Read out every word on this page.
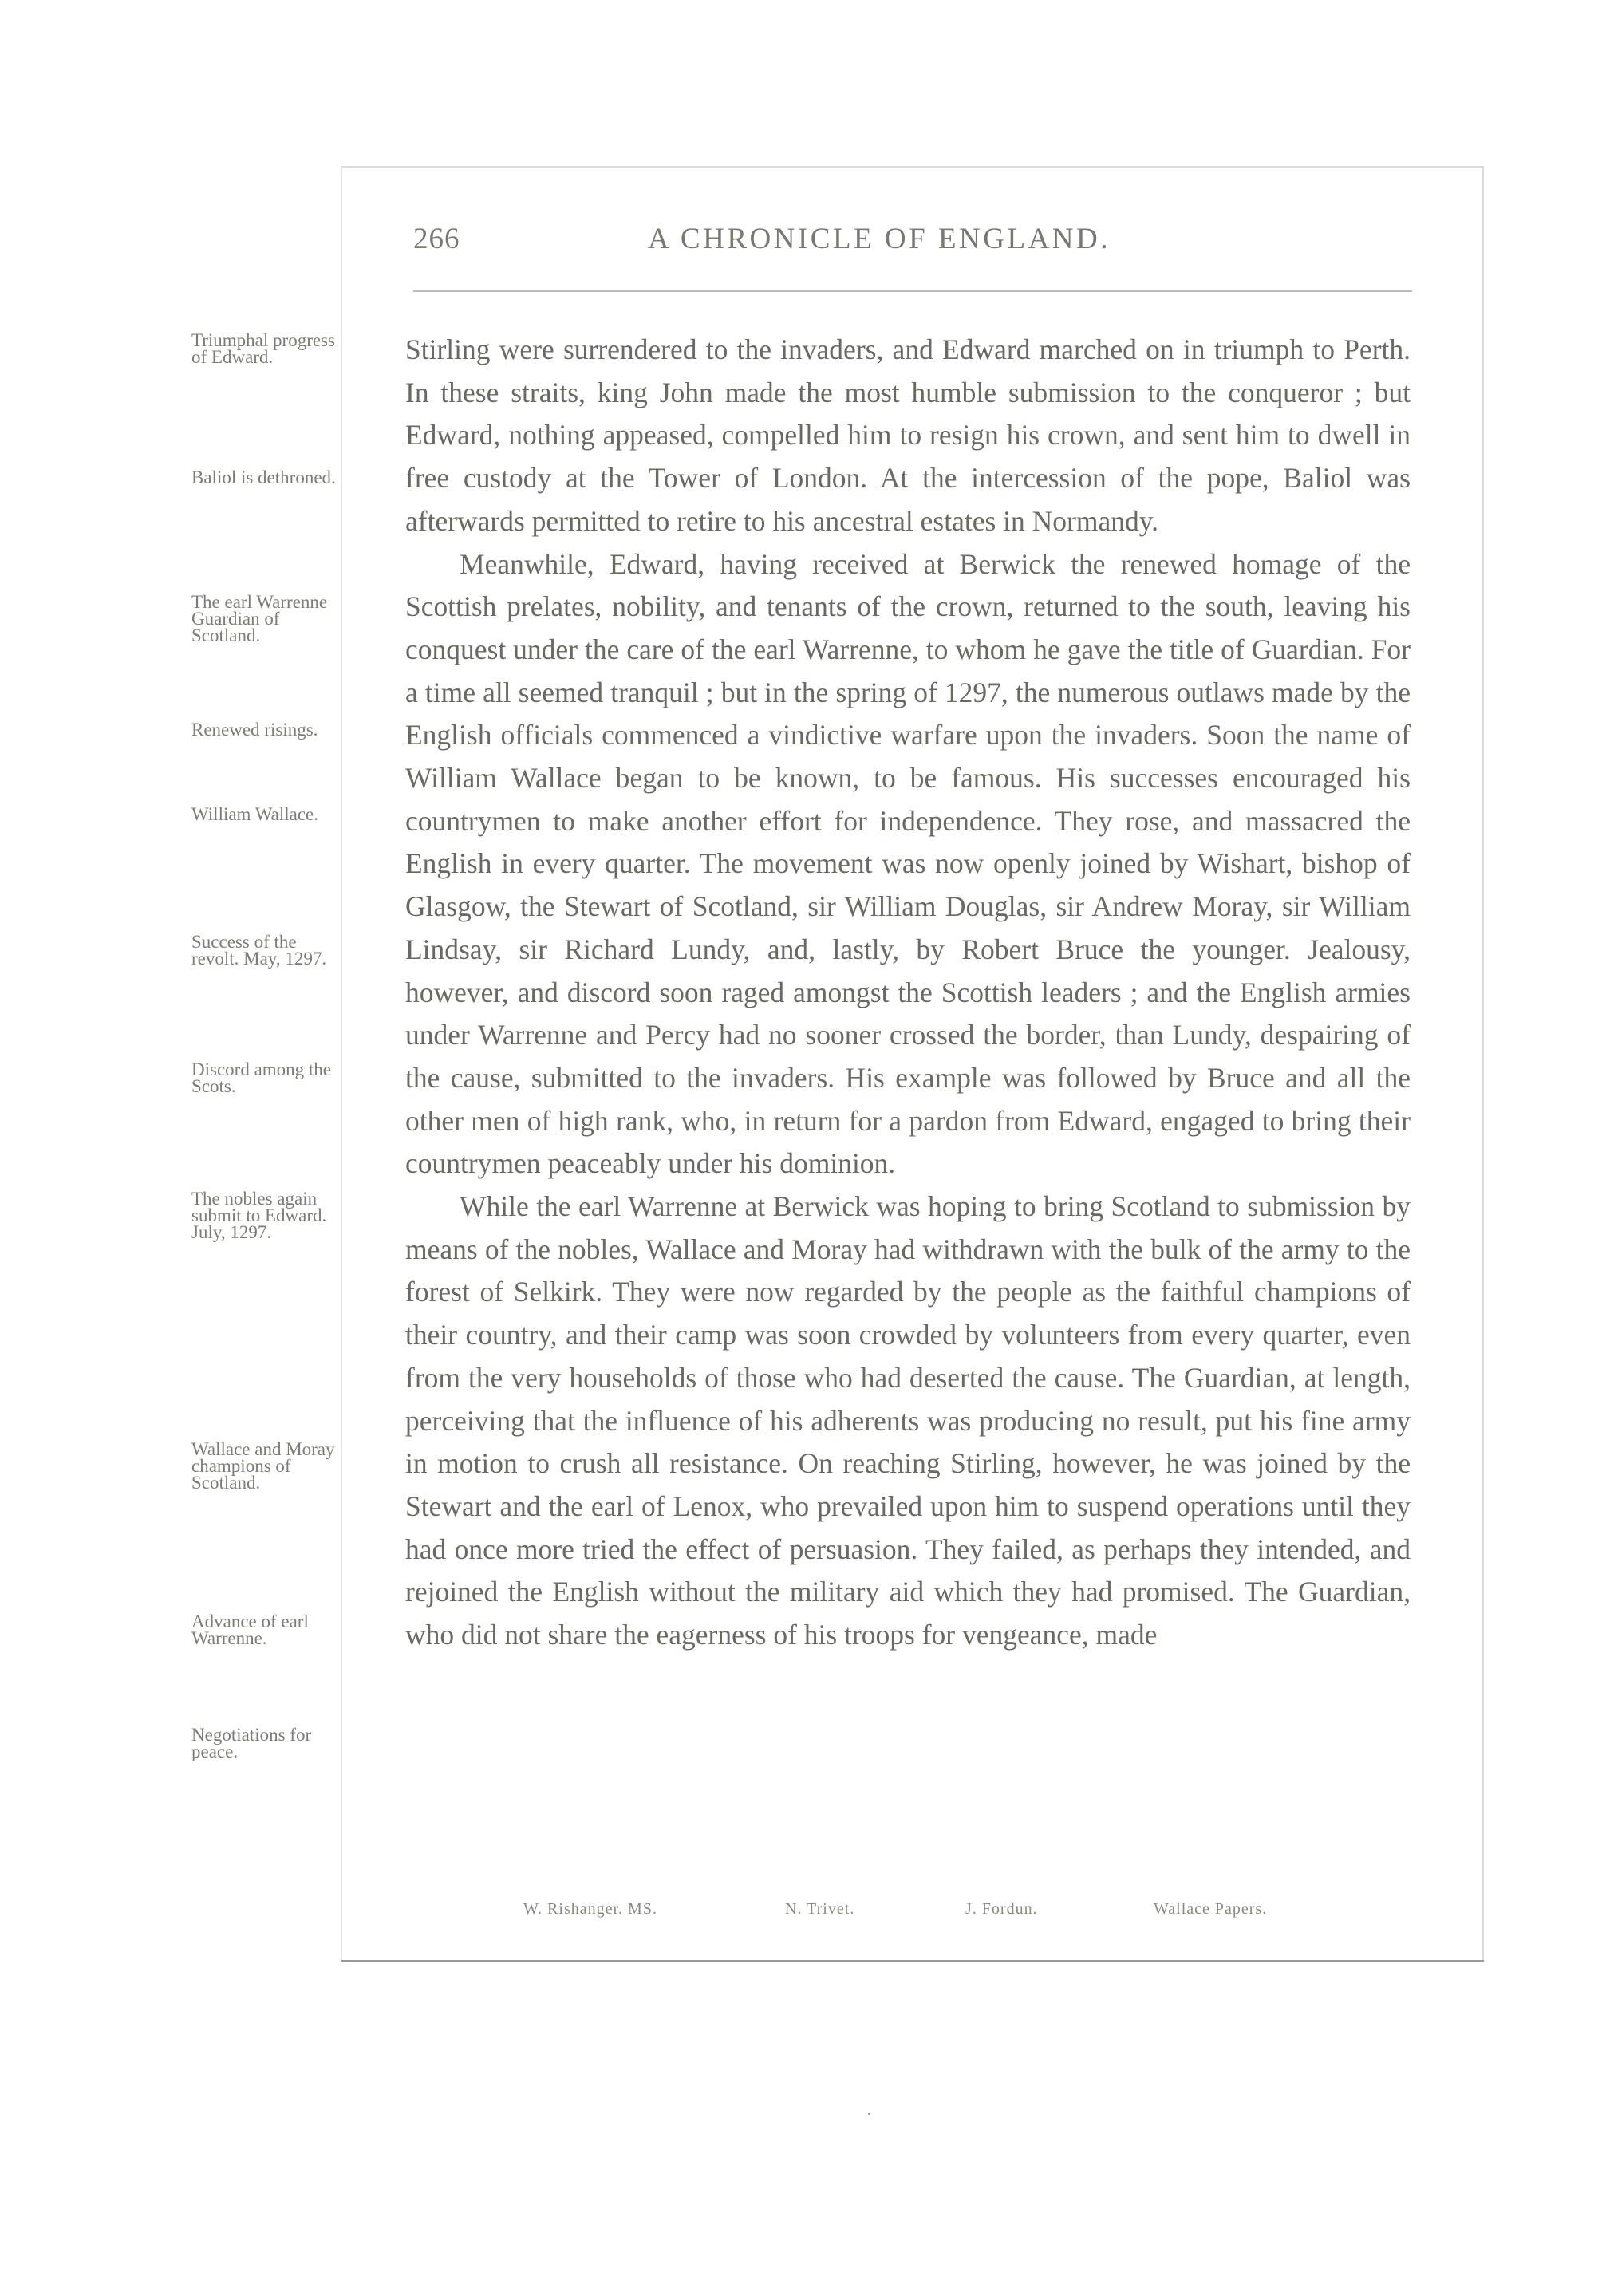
266	A CHRONICLE OF ENGLAND.
Triumphal progress of Edward.
Baliol is dethroned.
The earl Warrenne Guardian of Scotland.
Renewed risings.
William Wallace.
Success of the revolt. May, 1297.
Discord among the Scots.
The nobles again submit to Edward. July, 1297.
Wallace and Moray champions of Scotland.
Advance of earl Warrenne.
Negotiations for peace.

Stirling were surrendered to the invaders, and Edward marched on in triumph to Perth. In these straits, king John made the most humble submission to the conqueror ; but Edward, nothing appeased, compelled him to resign his crown, and sent him to dwell in free custody at the Tower of London. At the intercession of the pope, Baliol was afterwards permitted to retire to his ancestral estates in Normandy.

Meanwhile, Edward, having received at Berwick the renewed homage of the Scottish prelates, nobility, and tenants of the crown, returned to the south, leaving his conquest under the care of the earl Warrenne, to whom he gave the title of Guardian. For a time all seemed tranquil ; but in the spring of 1297, the numerous outlaws made by the English officials commenced a vindictive warfare upon the invaders. Soon the name of William Wallace began to be known, to be famous. His successes encouraged his countrymen to make another effort for independence. They rose, and massacred the English in every quarter. The movement was now openly joined by Wishart, bishop of Glasgow, the Stewart of Scotland, sir William Douglas, sir Andrew Moray, sir William Lindsay, sir Richard Lundy, and, lastly, by Robert Bruce the younger. Jealousy, however, and discord soon raged amongst the Scottish leaders ; and the English armies under Warrenne and Percy had no sooner crossed the border, than Lundy, despairing of the cause, submitted to the invaders. His example was followed by Bruce and all the other men of high rank, who, in return for a pardon from Edward, engaged to bring their countrymen peaceably under his dominion.

While the earl Warrenne at Berwick was hoping to bring Scotland to submission by means of the nobles, Wallace and Moray had withdrawn with the bulk of the army to the forest of Selkirk. They were now regarded by the people as the faithful champions of their country, and their camp was soon crowded by volunteers from every quarter, even from the very households of those who had deserted the cause. The Guardian, at length, perceiving that the influence of his adherents was producing no result, put his fine army in motion to crush all resistance. On reaching Stirling, however, he was joined by the Stewart and the earl of Lenox, who prevailed upon him to suspend operations until they had once more tried the effect of persuasion. They failed, as perhaps they intended, and rejoined the English without the military aid which they had promised. The Guardian, who did not share the eagerness of his troops for vengeance, made

W. Rishanger. MS.	N. Trivet.	J. Fordun.	Wallace Papers.
